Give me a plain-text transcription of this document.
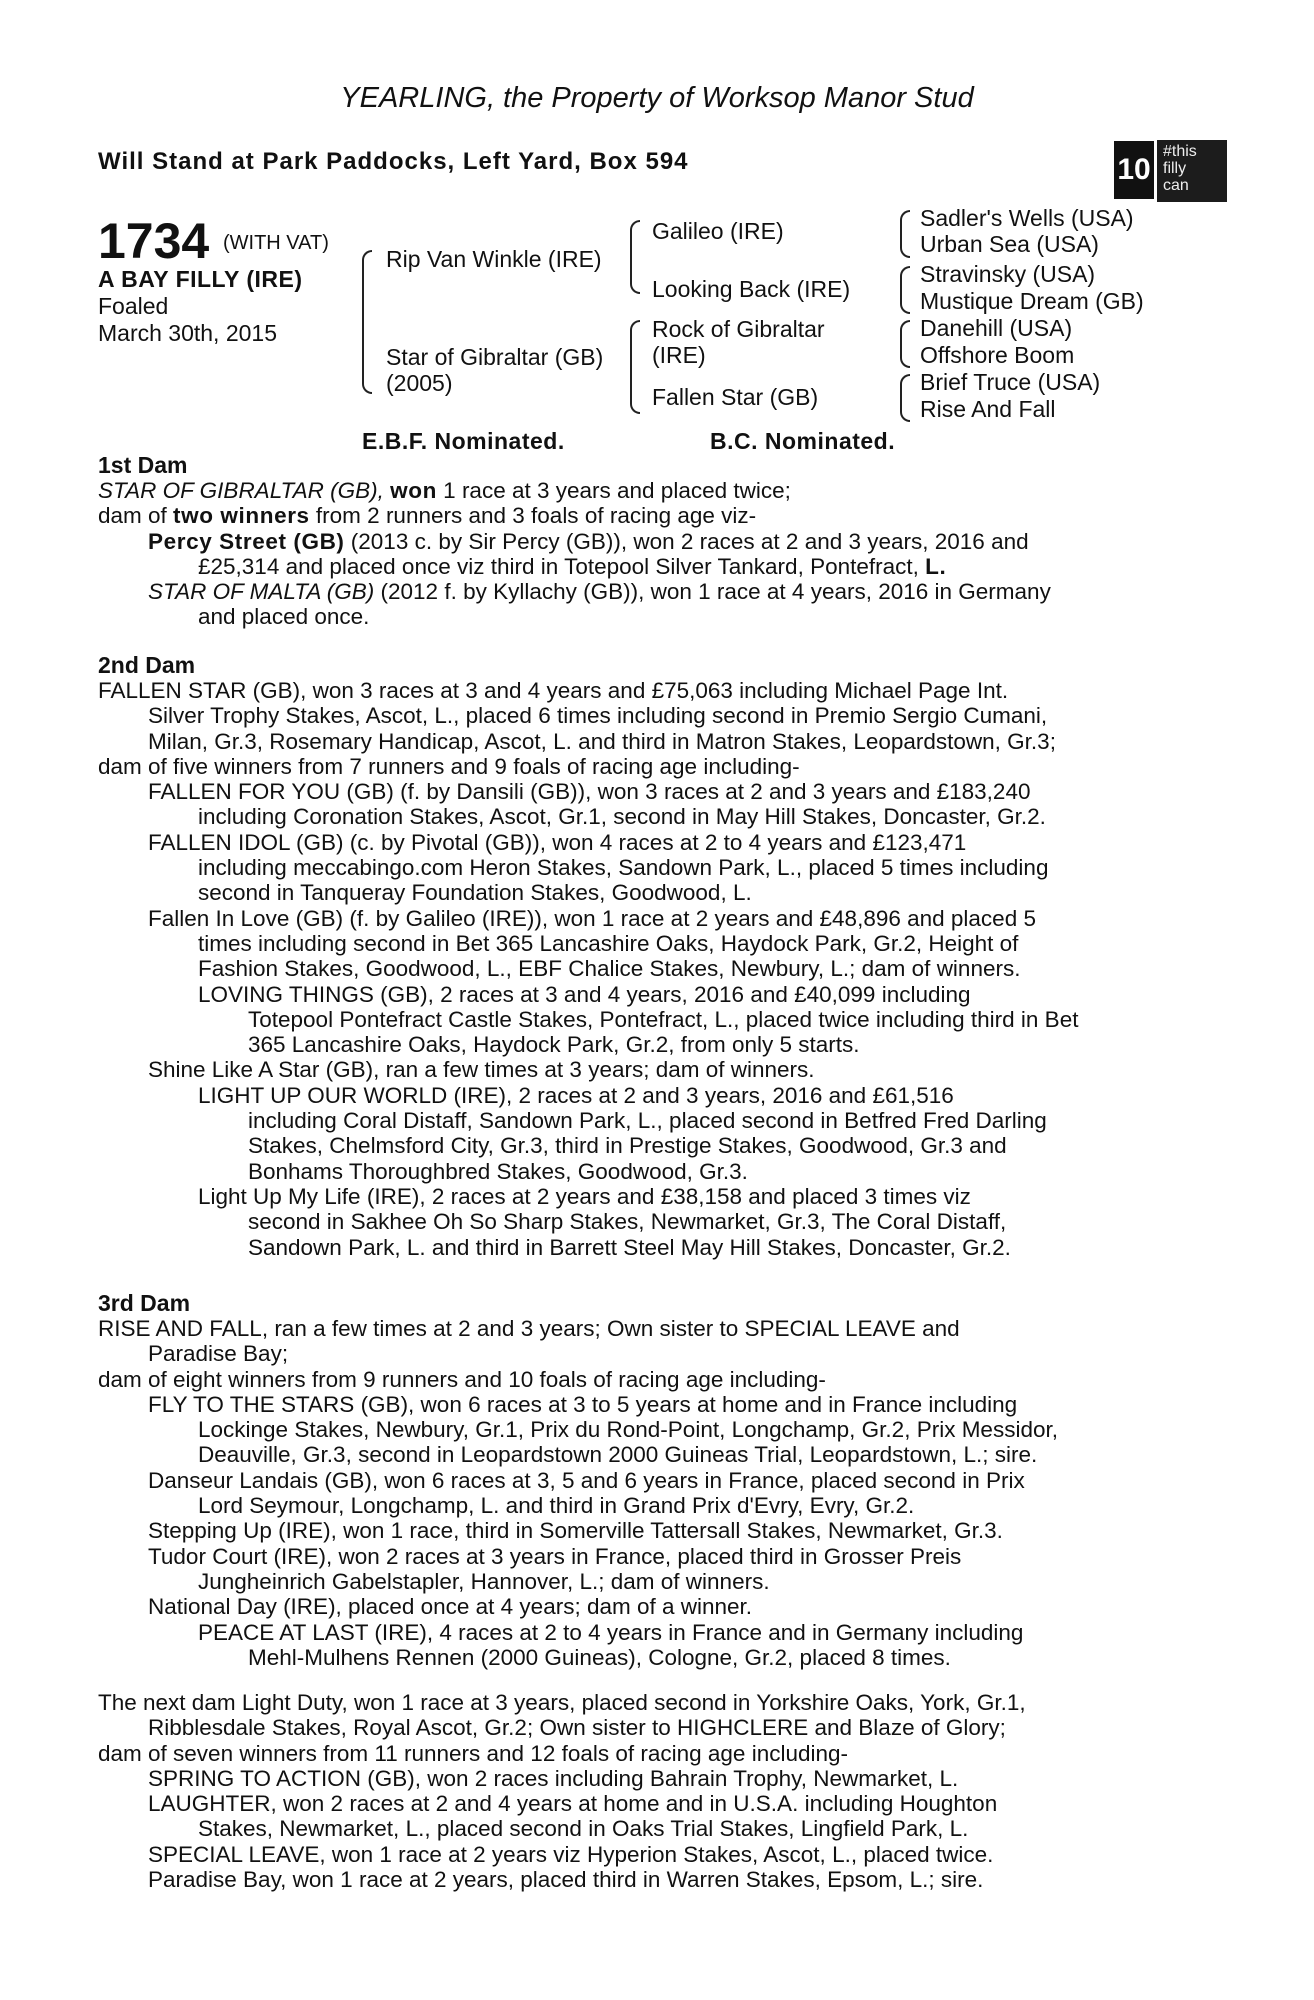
YEARLING, the Property of Worksop Manor Stud
Will Stand at Park Paddocks, Left Yard, Box 594	10
#this
filly
can
1734 (WITH VAT)
A BAY FILLY (IRE)
Foaled
March 30th, 2015
Rip Van Winkle (IRE)
Star of Gibraltar (GB)
(2005)
Galileo (IRE)
Looking Back (IRE)
Rock of Gibraltar
(IRE)
Fallen Star (GB)
Sadler's Wells (USA)
Urban Sea (USA)
Stravinsky (USA)
Mustique Dream (GB)
Danehill (USA)
Offshore Boom
Brief Truce (USA)
Rise And Fall
E.B.F. Nominated.	B.C. Nominated.
1st Dam
STAR OF GIBRALTAR (GB), won 1 race at 3 years and placed twice;
dam of two winners from 2 runners and 3 foals of racing age viz-
Percy Street (GB) (2013 c. by Sir Percy (GB)), won 2 races at 2 and 3 years, 2016 and
£25,314 and placed once viz third in Totepool Silver Tankard, Pontefract, L.
STAR OF MALTA (GB) (2012 f. by Kyllachy (GB)), won 1 race at 4 years, 2016 in Germany
and placed once.
2nd Dam
FALLEN STAR (GB), won 3 races at 3 and 4 years and £75,063 including Michael Page Int.
Silver Trophy Stakes, Ascot, L., placed 6 times including second in Premio Sergio Cumani,
Milan, Gr.3, Rosemary Handicap, Ascot, L. and third in Matron Stakes, Leopardstown, Gr.3;
dam of five winners from 7 runners and 9 foals of racing age including-
FALLEN FOR YOU (GB) (f. by Dansili (GB)), won 3 races at 2 and 3 years and £183,240
including Coronation Stakes, Ascot, Gr.1, second in May Hill Stakes, Doncaster, Gr.2.
FALLEN IDOL (GB) (c. by Pivotal (GB)), won 4 races at 2 to 4 years and £123,471
including meccabingo.com Heron Stakes, Sandown Park, L., placed 5 times including
second in Tanqueray Foundation Stakes, Goodwood, L.
Fallen In Love (GB) (f. by Galileo (IRE)), won 1 race at 2 years and £48,896 and placed 5
times including second in Bet 365 Lancashire Oaks, Haydock Park, Gr.2, Height of
Fashion Stakes, Goodwood, L., EBF Chalice Stakes, Newbury, L.; dam of winners.
LOVING THINGS (GB), 2 races at 3 and 4 years, 2016 and £40,099 including
Totepool Pontefract Castle Stakes, Pontefract, L., placed twice including third in Bet
365 Lancashire Oaks, Haydock Park, Gr.2, from only 5 starts.
Shine Like A Star (GB), ran a few times at 3 years; dam of winners.
LIGHT UP OUR WORLD (IRE), 2 races at 2 and 3 years, 2016 and £61,516
including Coral Distaff, Sandown Park, L., placed second in Betfred Fred Darling
Stakes, Chelmsford City, Gr.3, third in Prestige Stakes, Goodwood, Gr.3 and
Bonhams Thoroughbred Stakes, Goodwood, Gr.3.
Light Up My Life (IRE), 2 races at 2 years and £38,158 and placed 3 times viz
second in Sakhee Oh So Sharp Stakes, Newmarket, Gr.3, The Coral Distaff,
Sandown Park, L. and third in Barrett Steel May Hill Stakes, Doncaster, Gr.2.
3rd Dam
RISE AND FALL, ran a few times at 2 and 3 years; Own sister to SPECIAL LEAVE and
Paradise Bay;
dam of eight winners from 9 runners and 10 foals of racing age including-
FLY TO THE STARS (GB), won 6 races at 3 to 5 years at home and in France including
Lockinge Stakes, Newbury, Gr.1, Prix du Rond-Point, Longchamp, Gr.2, Prix Messidor,
Deauville, Gr.3, second in Leopardstown 2000 Guineas Trial, Leopardstown, L.; sire.
Danseur Landais (GB), won 6 races at 3, 5 and 6 years in France, placed second in Prix
Lord Seymour, Longchamp, L. and third in Grand Prix d'Evry, Evry, Gr.2.
Stepping Up (IRE), won 1 race, third in Somerville Tattersall Stakes, Newmarket, Gr.3.
Tudor Court (IRE), won 2 races at 3 years in France, placed third in Grosser Preis
Jungheinrich Gabelstapler, Hannover, L.; dam of winners.
National Day (IRE), placed once at 4 years; dam of a winner.
PEACE AT LAST (IRE), 4 races at 2 to 4 years in France and in Germany including
Mehl-Mulhens Rennen (2000 Guineas), Cologne, Gr.2, placed 8 times.
The next dam Light Duty, won 1 race at 3 years, placed second in Yorkshire Oaks, York, Gr.1,
Ribblesdale Stakes, Royal Ascot, Gr.2; Own sister to HIGHCLERE and Blaze of Glory;
dam of seven winners from 11 runners and 12 foals of racing age including-
SPRING TO ACTION (GB), won 2 races including Bahrain Trophy, Newmarket, L.
LAUGHTER, won 2 races at 2 and 4 years at home and in U.S.A. including Houghton
Stakes, Newmarket, L., placed second in Oaks Trial Stakes, Lingfield Park, L.
SPECIAL LEAVE, won 1 race at 2 years viz Hyperion Stakes, Ascot, L., placed twice.
Paradise Bay, won 1 race at 2 years, placed third in Warren Stakes, Epsom, L.; sire.
